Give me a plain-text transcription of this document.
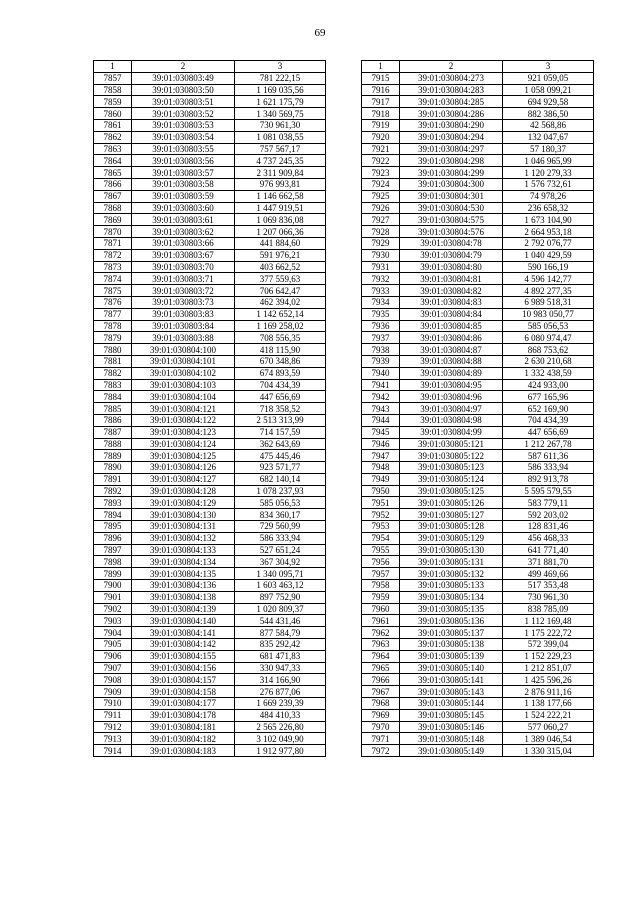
69
1	2	3
7857	39:01:030803:49	781 222,15
7858	39:01:030803:50	1 169 035,56
7859	39:01:030803:51	1 621 175,79
7860	39:01:030803:52	1 340 569,75
7861	39:01:030803:53	730 961,30
7862	39:01:030803:54	1 081 038,55
7863	39:01:030803:55	757 567,17
7864	39:01:030803:56	4 737 245,35
7865	39:01:030803:57	2 311 909,84
7866	39:01:030803:58	976 993,81
7867	39:01:030803:59	1 146 662,58
7868	39:01:030803:60	1 447 919,51
7869	39:01:030803:61	1 069 836,08
7870	39:01:030803:62	1 207 066,36
7871	39:01:030803:66	441 884,60
7872	39:01:030803:67	591 976,21
7873	39:01:030803:70	403 662,52
7874	39:01:030803:71	377 559,63
7875	39:01:030803:72	706 642,47
7876	39:01:030803:73	462 394,02
7877	39:01:030803:83	1 142 652,14
7878	39:01:030803:84	1 169 258,02
7879	39:01:030803:88	708 556,35
7880	39:01:030804:100	418 115,90
7881	39:01:030804:101	670 348,86
7882	39:01:030804:102	674 893,59
7883	39:01:030804:103	704 434,39
7884	39:01:030804:104	447 656,69
7885	39:01:030804:121	718 358,52
7886	39:01:030804:122	2 513 313,99
7887	39:01:030804:123	714 157,59
7888	39:01:030804:124	362 643,69
7889	39:01:030804:125	475 445,46
7890	39:01:030804:126	923 571,77
7891	39:01:030804:127	682 140,14
7892	39:01:030804:128	1 078 237,93
7893	39:01:030804:129	585 056,53
7894	39:01:030804:130	834 360,17
7895	39:01:030804:131	729 560,99
7896	39:01:030804:132	586 333,94
7897	39:01:030804:133	527 651,24
7898	39:01:030804:134	367 304,92
7899	39:01:030804:135	1 340 095,71
7900	39:01:030804:136	1 603 463,12
7901	39:01:030804:138	897 752,90
7902	39:01:030804:139	1 020 809,37
7903	39:01:030804:140	544 431,46
7904	39:01:030804:141	877 584,79
7905	39:01:030804:142	835 292,42
7906	39:01:030804:155	681 471,83
7907	39:01:030804:156	330 947,33
7908	39:01:030804:157	314 166,90
7909	39:01:030804:158	276 877,06
7910	39:01:030804:177	1 669 239,39
7911	39:01:030804:178	484 410,33
7912	39:01:030804:181	2 565 226,80
7913	39:01:030804:182	3 102 049,90
7914	39:01:030804:183	1 912 977,80
1	2	3
7915	39:01:030804:273	921 059,05
7916	39:01:030804:283	1 058 099,21
7917	39:01:030804:285	694 929,58
7918	39:01:030804:286	882 386,50
7919	39:01:030804:290	42 568,86
7920	39:01:030804:294	132 047,67
7921	39:01:030804:297	57 180,37
7922	39:01:030804:298	1 046 965,99
7923	39:01:030804:299	1 120 279,33
7924	39:01:030804:300	1 576 732,61
7925	39:01:030804:301	74 978,26
7926	39:01:030804:530	236 658,32
7927	39:01:030804:575	1 673 104,90
7928	39:01:030804:576	2 664 953,18
7929	39:01:030804:78	2 792 076,77
7930	39:01:030804:79	1 040 429,59
7931	39:01:030804:80	590 166,19
7932	39:01:030804:81	4 596 142,77
7933	39:01:030804:82	4 892 277,35
7934	39:01:030804:83	6 989 518,31
7935	39:01:030804:84	10 983 050,77
7936	39:01:030804:85	585 056,53
7937	39:01:030804:86	6 080 974,47
7938	39:01:030804:87	868 753,62
7939	39:01:030804:88	2 630 210,68
7940	39:01:030804:89	1 332 438,59
7941	39:01:030804:95	424 933,00
7942	39:01:030804:96	677 165,96
7943	39:01:030804:97	652 169,90
7944	39:01:030804:98	704 434,39
7945	39:01:030804:99	447 656,69
7946	39:01:030805:121	1 212 267,78
7947	39:01:030805:122	587 611,36
7948	39:01:030805:123	586 333,94
7949	39:01:030805:124	892 913,78
7950	39:01:030805:125	5 595 579,55
7951	39:01:030805:126	583 779,11
7952	39:01:030805:127	592 203,02
7953	39:01:030805:128	128 831,46
7954	39:01:030805:129	456 468,33
7955	39:01:030805:130	641 771,40
7956	39:01:030805:131	371 881,70
7957	39:01:030805:132	499 469,66
7958	39:01:030805:133	517 353,48
7959	39:01:030805:134	730 961,30
7960	39:01:030805:135	838 785,09
7961	39:01:030805:136	1 112 169,48
7962	39:01:030805:137	1 175 222,72
7963	39:01:030805:138	572 399,04
7964	39:01:030805:139	1 152 229,23
7965	39:01:030805:140	1 212 851,07
7966	39:01:030805:141	1 425 596,26
7967	39:01:030805:143	2 876 911,16
7968	39:01:030805:144	1 138 177,66
7969	39:01:030805:145	1 524 222,21
7970	39:01:030805:146	577 060,27
7971	39:01:030805:148	1 389 046,54
7972	39:01:030805:149	1 330 315,04
